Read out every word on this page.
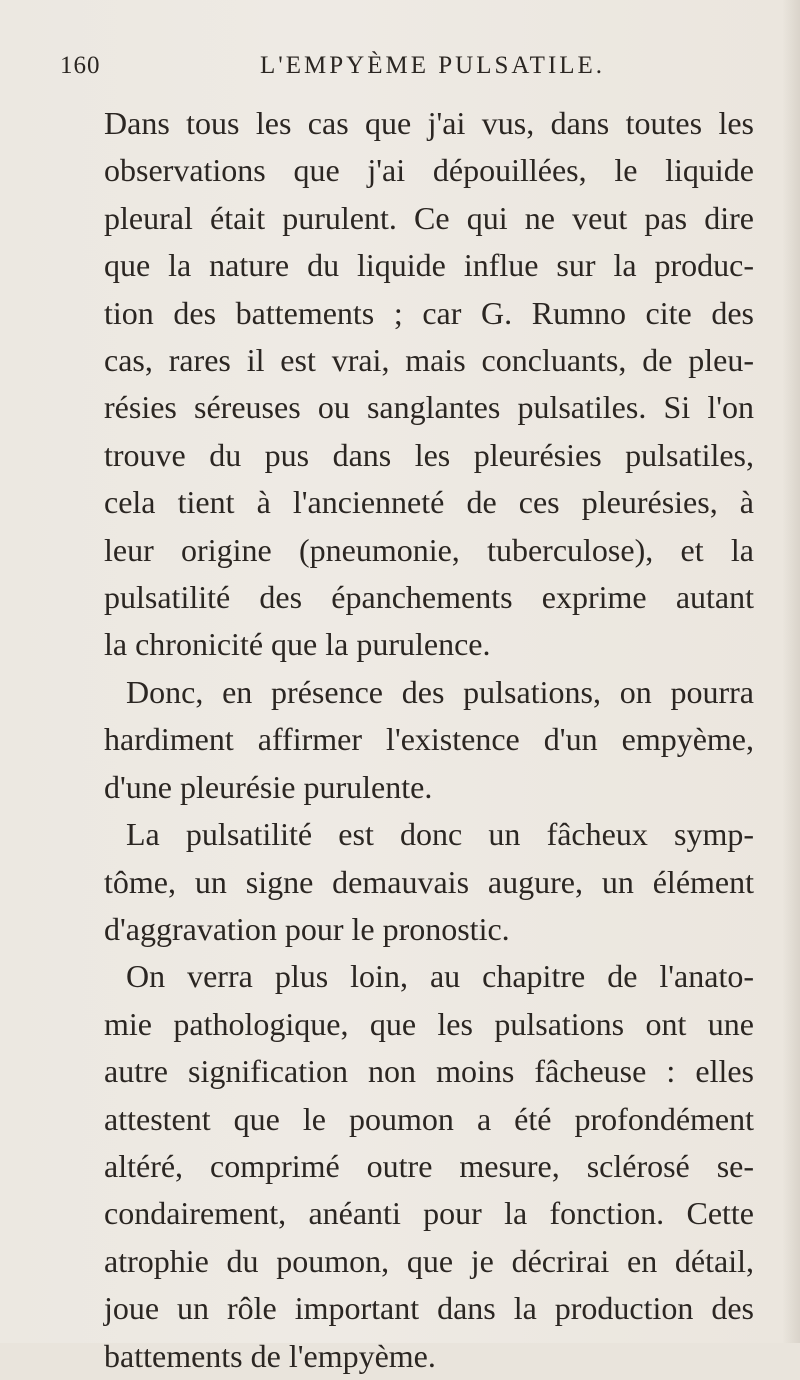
160	L'EMPYÈME PULSATILE.
Dans tous les cas que j'ai vus, dans toutes les
observations que j'ai dépouillées, le liquide
pleural était purulent. Ce qui ne veut pas dire
que la nature du liquide influe sur la produc-
tion des battements ; car G. Rumno cite des
cas, rares il est vrai, mais concluants, de pleu-
résies séreuses ou sanglantes pulsatiles. Si l'on
trouve du pus dans les pleurésies pulsatiles,
cela tient à l'ancienneté de ces pleurésies, à
leur origine (pneumonie, tuberculose), et la
pulsatilité des épanchements exprime autant
la chronicité que la purulence.
Donc, en présence des pulsations, on pourra
hardiment affirmer l'existence d'un empyème,
d'une pleurésie purulente.
La pulsatilité est donc un fâcheux symp-
tôme, un signe demauvais augure, un élément
d'aggravation pour le pronostic.
On verra plus loin, au chapitre de l'anato-
mie pathologique, que les pulsations ont une
autre signification non moins fâcheuse : elles
attestent que le poumon a été profondément
altéré, comprimé outre mesure, sclérosé se-
condairement, anéanti pour la fonction. Cette
atrophie du poumon, que je décrirai en détail,
joue un rôle important dans la production des
battements de l'empyème.
